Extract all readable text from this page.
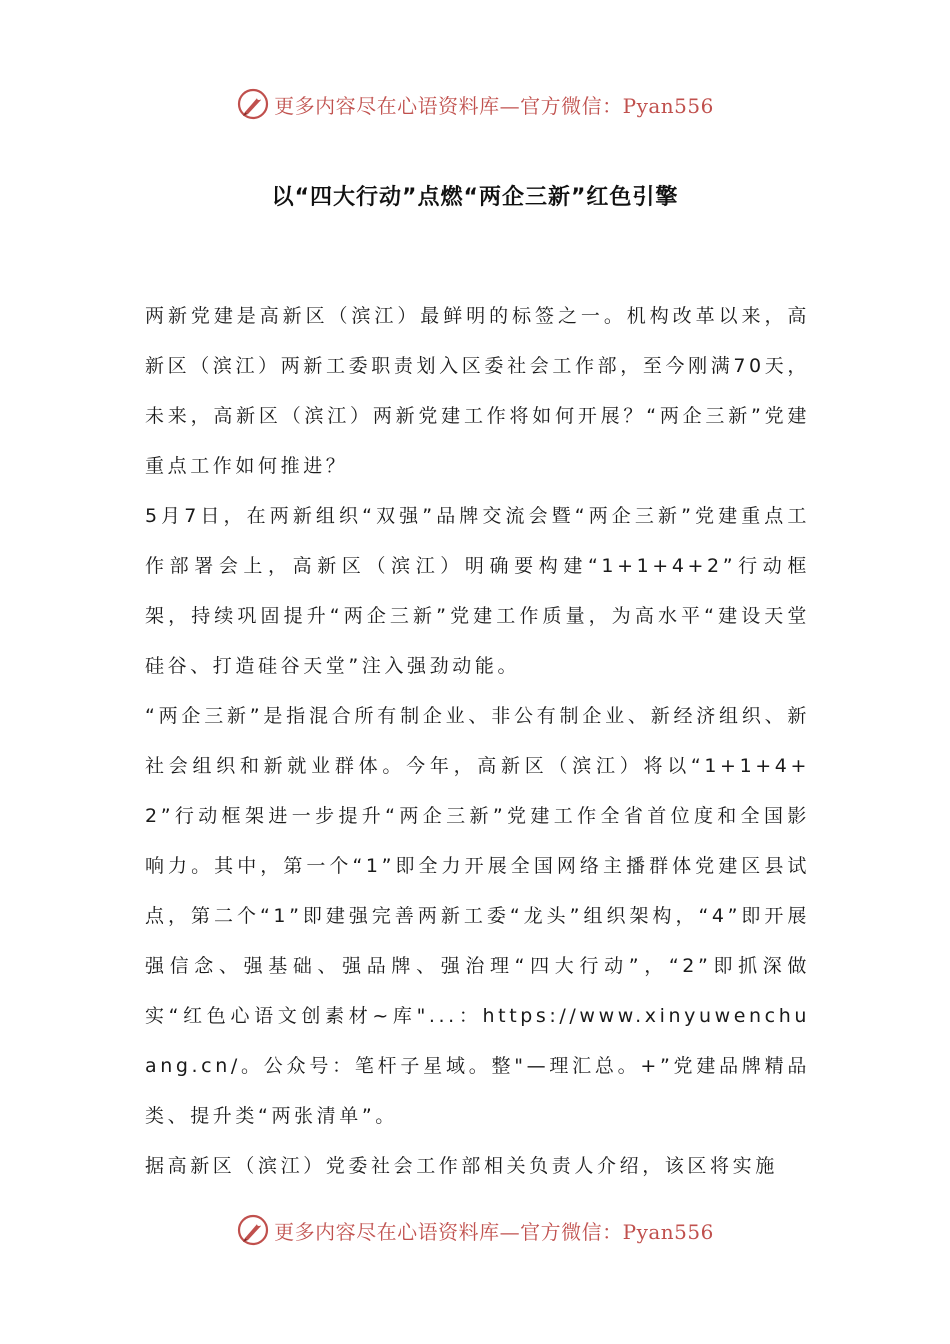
更多内容尽在心语资料库—官方微信：Pyan556
以“四大行动”点燃“两企三新”红色引擎

两新党建是高新区（滨江）最鲜明的标签之一。机构改革以来，高新区（滨江）两新工委职责划入区委社会工作部，至今刚满70天，未来，高新区（滨江）两新党建工作将如何开展？“两企三新”党建重点工作如何推进？

5月7日，在两新组织“双强”品牌交流会暨“两企三新”党建重点工作部署会上，高新区（滨江）明确要构建“1+1+4+2”行动框架，持续巩固提升“两企三新”党建工作质量，为高水平“建设天堂硅谷、打造硅谷天堂”注入强劲动能。

“两企三新”是指混合所有制企业、非公有制企业、新经济组织、新社会组织和新就业群体。今年，高新区（滨江）将以“1+1+4+2”行动框架进一步提升“两企三新”党建工作全省首位度和全国影响力。其中，第一个“1”即全力开展全国网络主播群体党建区县试点，第二个“1”即建强完善两新工委“龙头”组织架构，“4”即开展强信念、强基础、强品牌、强治理“四大行动”，“2”即抓深做实“红色心语文创素材~库"...：https://www.xinyuwenchuang.cn/。公众号：笔杆子星域。整"—理汇总。+”党建品牌精品类、提升类“两张清单”。

据高新区（滨江）党委社会工作部相关负责人介绍，该区将实施

更多内容尽在心语资料库—官方微信：Pyan556
